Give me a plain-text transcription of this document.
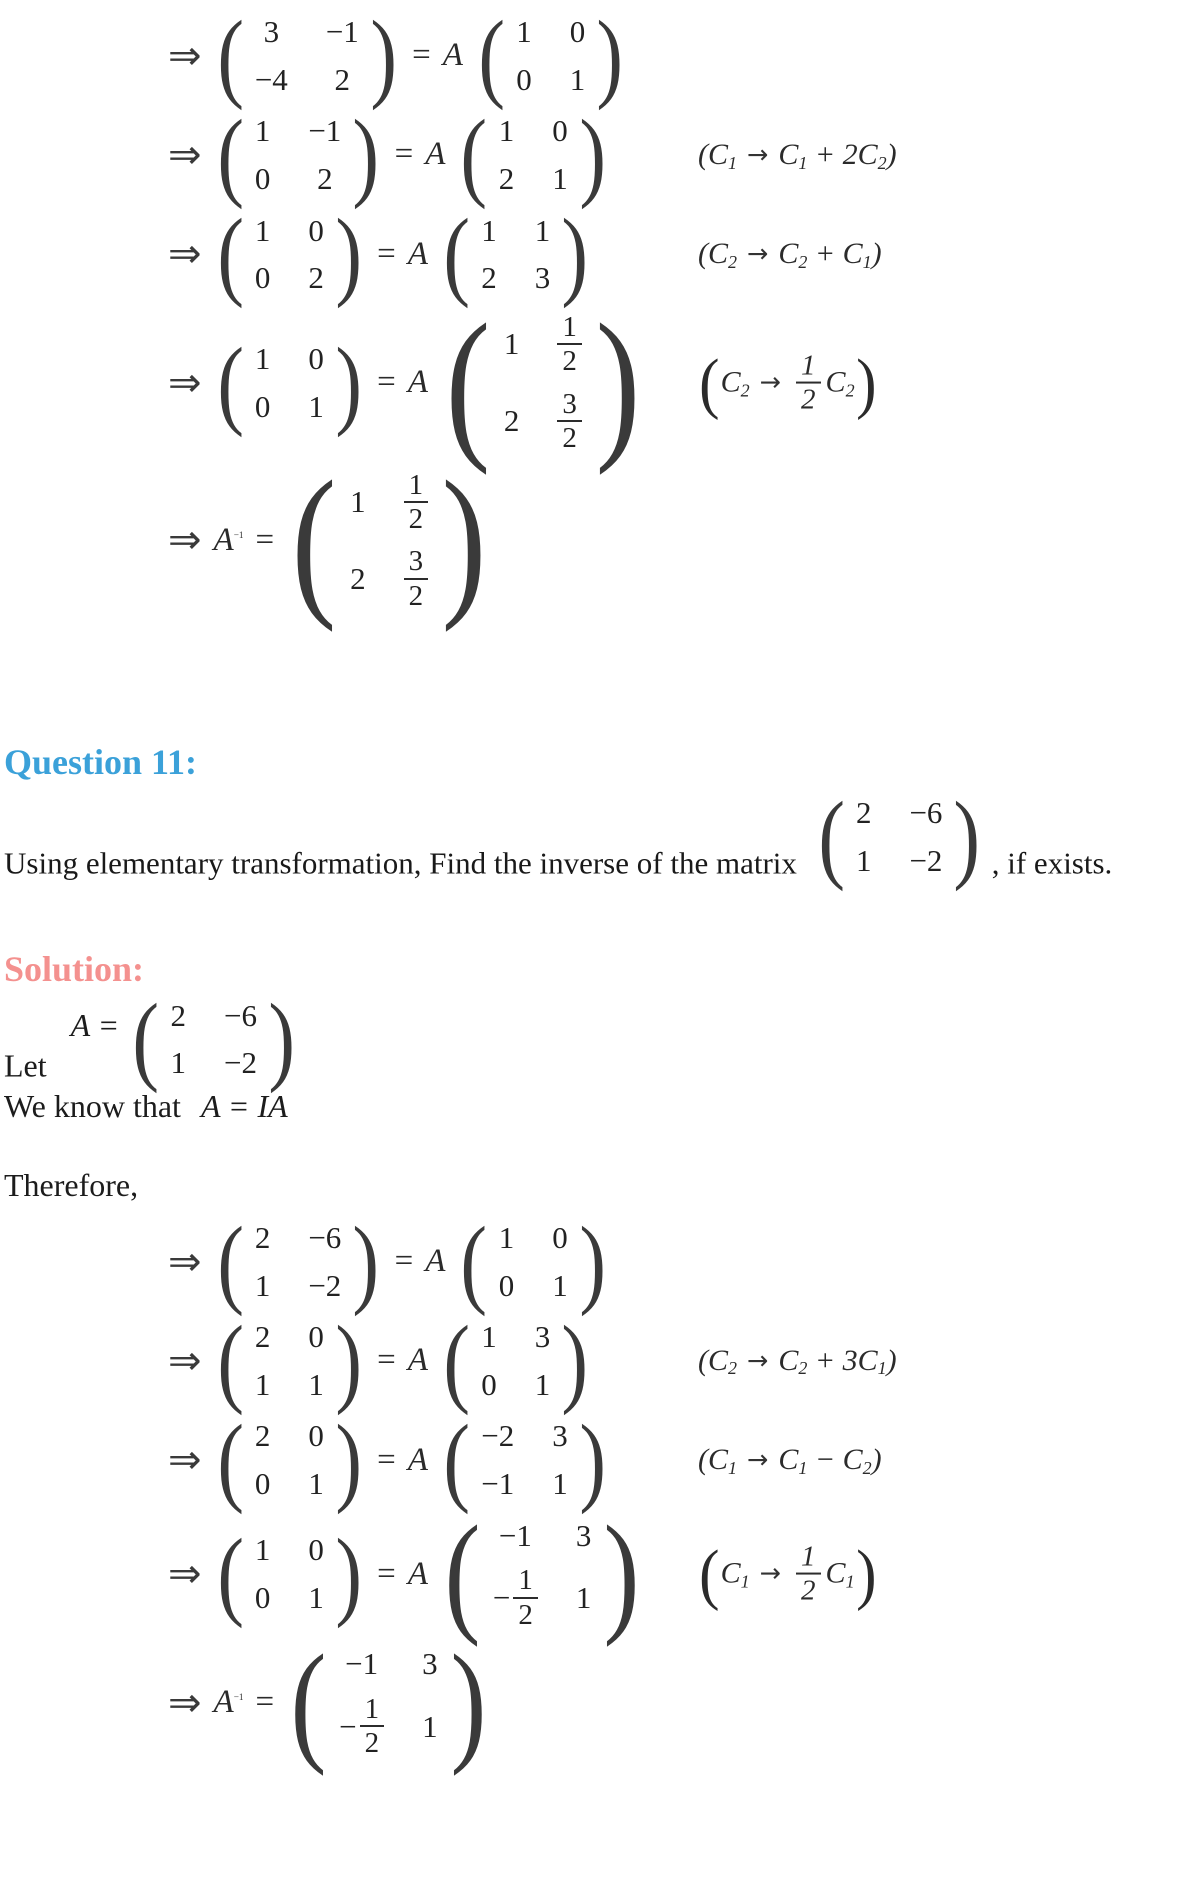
⇒ ( 3 −1
−4 2 ) = A ( 1 0
0 1 )
⇒ ( 1 −1
0 2 ) = A ( 1 0
2 1 )	(C 1 → C 1 + 2C 2 )
⇒ ( 1 0
0 2 ) = A ( 1 1
2 3 )	(C 2 → C 2 + C 1 )
⇒ ( 1 0
0 1 ) = A ( $1 \frac{1}{2}$
$2 \frac{3}{2}$ ) ( C $2 \to \frac{1}{2}$ C 2 )
⇒ $A^{-1}$ = ( $1 \frac{1}{2}$
$2 \frac{3}{2}$ )
Question 11:
Using elementary transformation, Find the inverse of the matrix ( 2 −6
1 −2 ) , if exists.
Solution:
Let A = ( 2 −6
1 −2 )
We know that A = IA
Therefore,
⇒ ( 2 −6
1 −2 ) = A ( 1 0
0 1 )
⇒ ( 2 0
1 1 ) = A ( 1 3
0 1 )	(C 2 → C 2 + 3C 1 )
⇒ ( 2 0
0 1 ) = A ( −2 3
−1 1 )	(C 1 → C 1 − C 2 )
⇒ ( 1 0
0 1 ) = A ( −1 3
− $\frac{1}{2} 1$ ) ( C $1 \to \frac{1}{2}$ C 1 )
⇒ $A^{-1}$ = ( −1 3
− $\frac{1}{2} 1$ )
